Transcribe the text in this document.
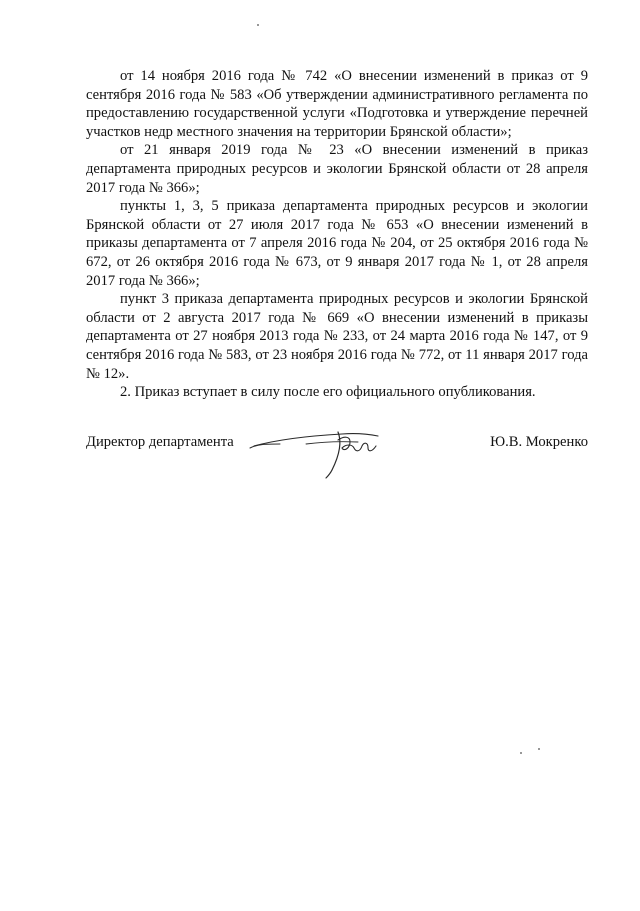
от 14 ноября 2016 года № 742 «О внесении изменений в приказ от 9 сентября 2016 года № 583 «Об утверждении административного регламента по предоставлению государственной услуги «Подготовка и утверждение перечней участков недр местного значения на территории Брянской области»;

от 21 января 2019 года № 23 «О внесении изменений в приказ департамента природных ресурсов и экологии Брянской области от 28 апреля 2017 года № 366»;

пункты 1, 3, 5 приказа департамента природных ресурсов и экологии Брянской области от 27 июля 2017 года № 653 «О внесении изменений в приказы департамента от 7 апреля 2016 года № 204, от 25 октября 2016 года № 672, от 26 октября 2016 года № 673, от 9 января 2017 года № 1, от 28 апреля 2017 года № 366»;

пункт 3 приказа департамента природных ресурсов и экологии Брянской области от 2 августа 2017 года № 669 «О внесении изменений в приказы департамента от 27 ноября 2013 года № 233, от 24 марта 2016 года № 147, от 9 сентября 2016 года № 583, от 23 ноября 2016 года № 772, от 11 января 2017 года № 12».

2. Приказ вступает в силу после его официального опубликования.

Директор департамента	Ю.В. Мокренко
